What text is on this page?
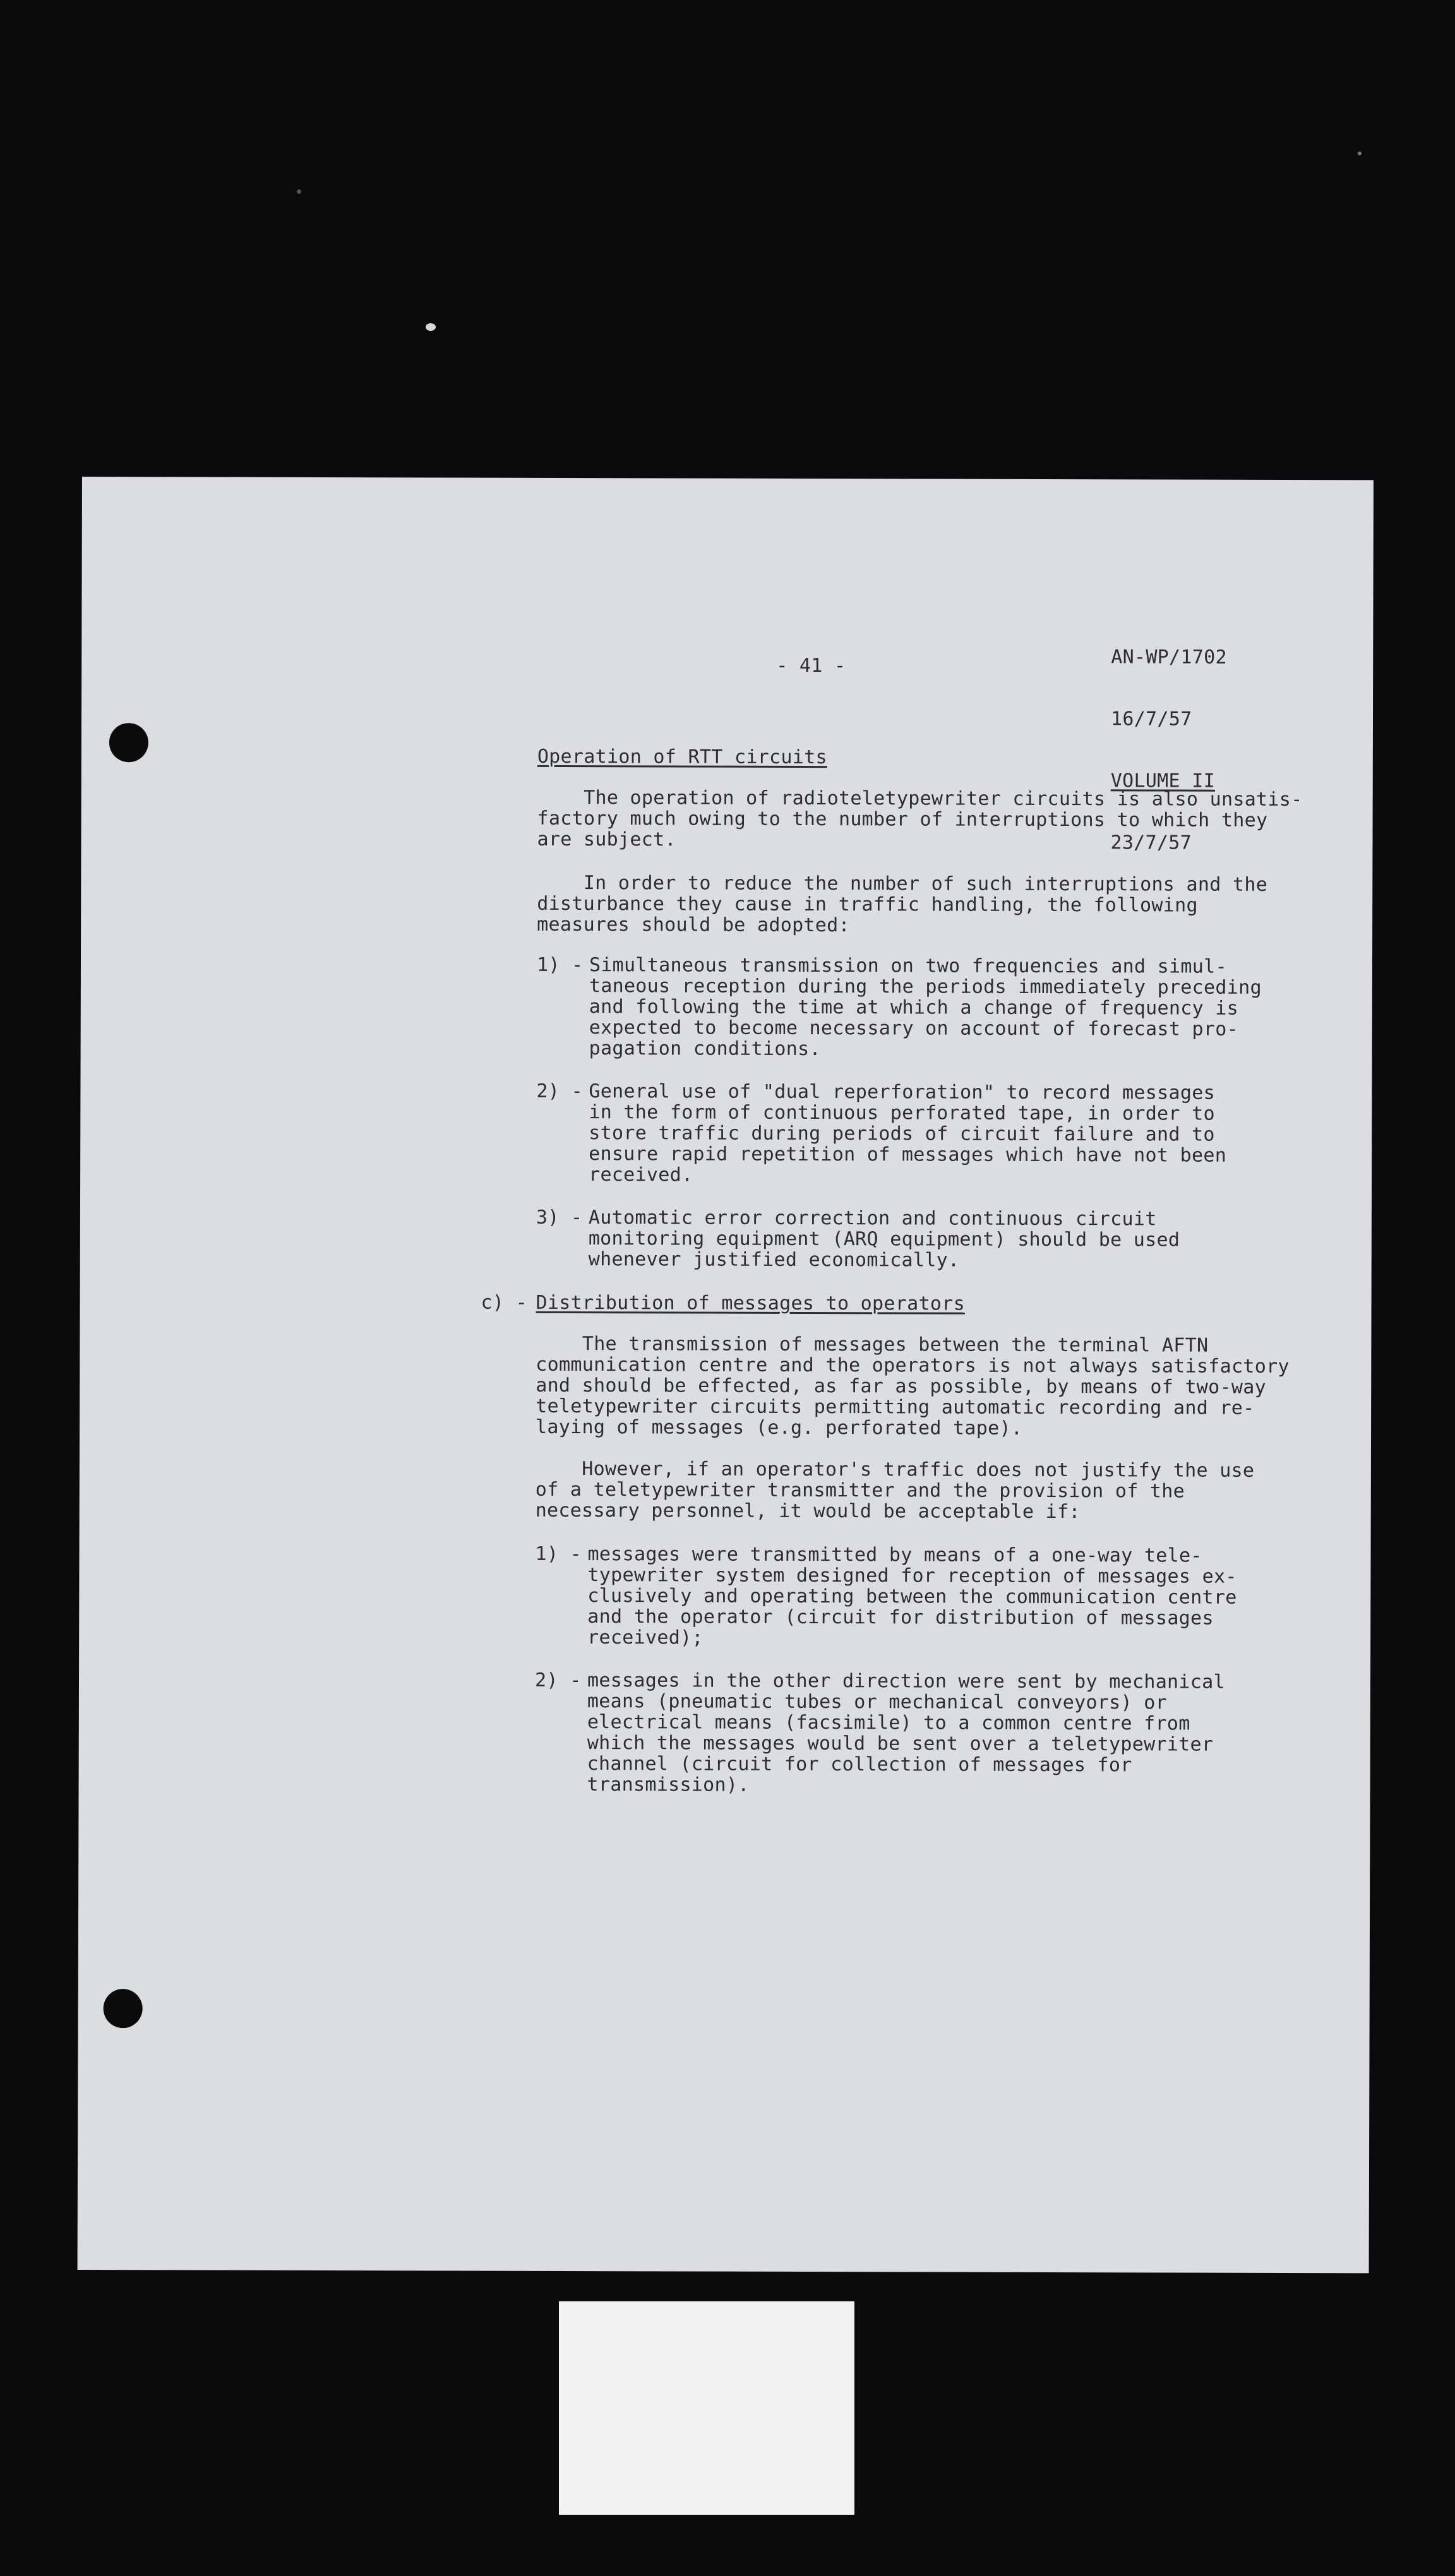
AN-WP/1702

16/7/57

VOLUME II

23/7/57

- 41 -
Operation of RTT circuits
The operation of radioteletypewriter circuits is also unsatis-
factory much owing to the number of interruptions to which they
are subject.
In order to reduce the number of such interruptions and the
disturbance they cause in traffic handling, the following
measures should be adopted:
1) - Simultaneous transmission on two frequencies and simul-
taneous reception during the periods immediately preceding
and following the time at which a change of frequency is
expected to become necessary on account of forecast pro-
pagation conditions.
2) - General use of "dual reperforation" to record messages
in the form of continuous perforated tape, in order to
store traffic during periods of circuit failure and to
ensure rapid repetition of messages which have not been
received.
3) - Automatic error correction and continuous circuit
monitoring equipment (ARQ equipment) should be used
whenever justified economically.
c) - Distribution of messages to operators
The transmission of messages between the terminal AFTN
communication centre and the operators is not always satisfactory
and should be effected, as far as possible, by means of two-way
teletypewriter circuits permitting automatic recording and re-
laying of messages (e.g. perforated tape).
However, if an operator's traffic does not justify the use
of a teletypewriter transmitter and the provision of the
necessary personnel, it would be acceptable if:
1) - messages were transmitted by means of a one-way tele-
typewriter system designed for reception of messages ex-
clusively and operating between the communication centre
and the operator (circuit for distribution of messages
received);
2) - messages in the other direction were sent by mechanical
means (pneumatic tubes or mechanical conveyors) or
electrical means (facsimile) to a common centre from
which the messages would be sent over a teletypewriter
channel (circuit for collection of messages for
transmission).
